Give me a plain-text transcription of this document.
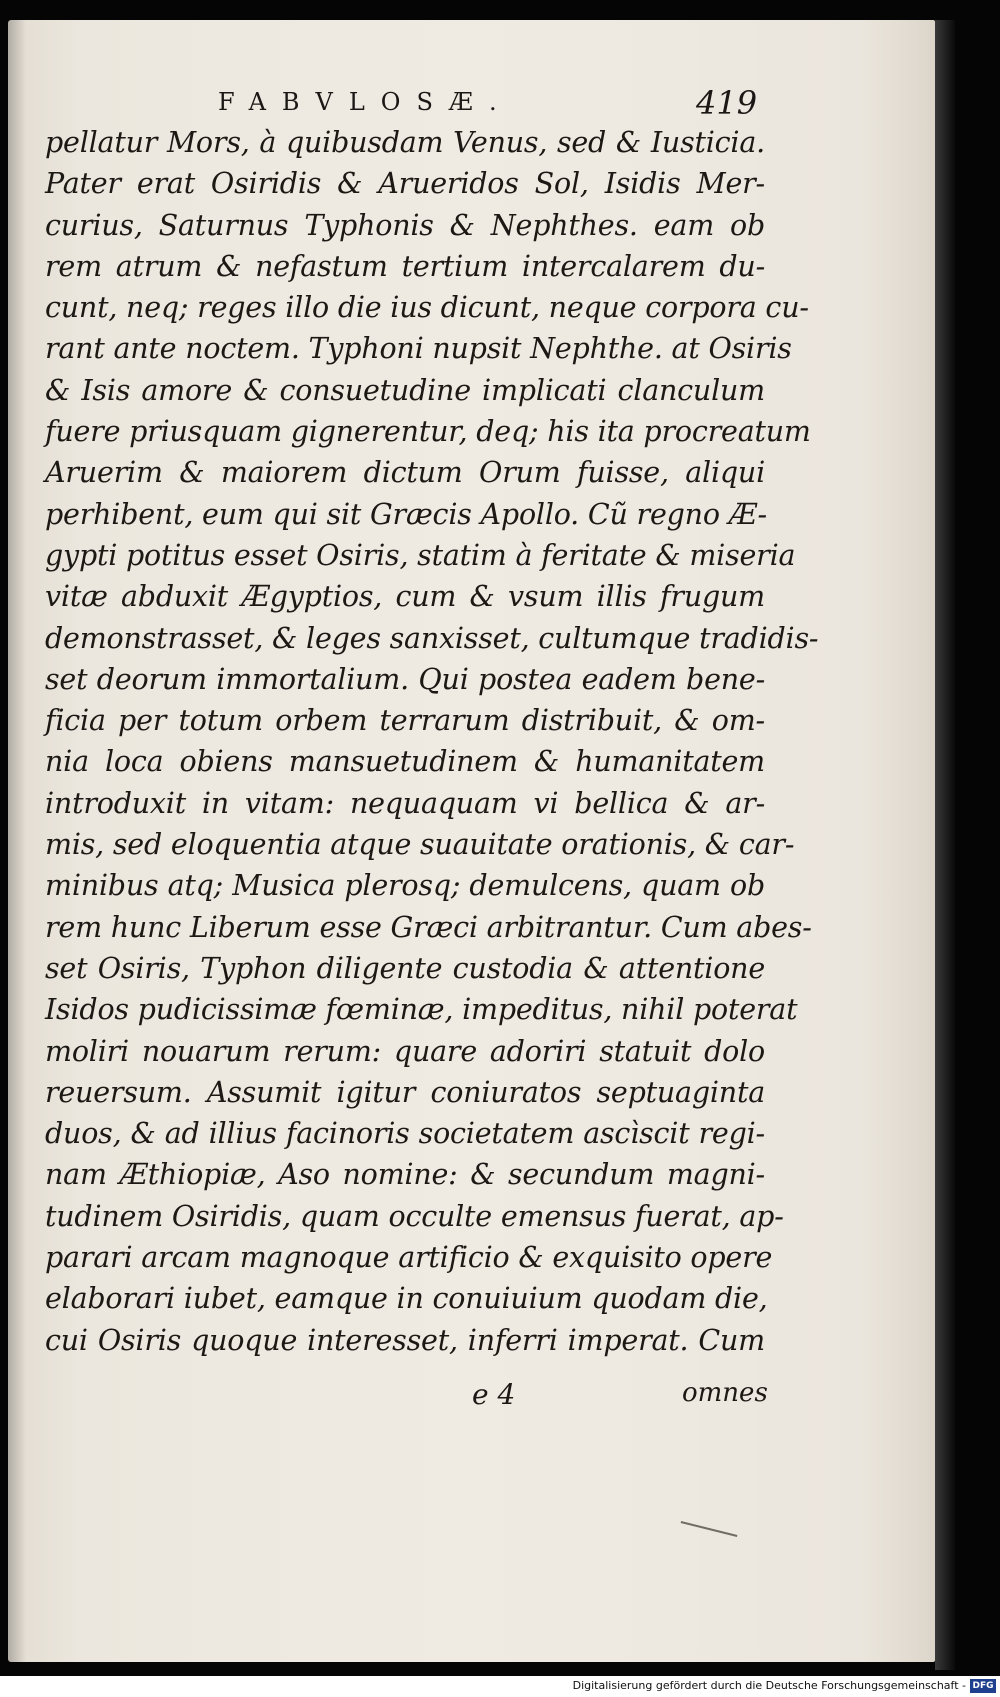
FABVLOSÆ.	419
pellatur Mors, à quibusdam Venus, sed & Iusticia.
Pater erat Osiridis & Arueridos Sol, Isidis Mer-
curius, Saturnus Typhonis & Nephthes. eam ob
rem atrum & nefastum tertium intercalarem du-
cunt, neq; reges illo die ius dicunt, neque corpora cu-
rant ante noctem. Typhoni nupsit Nephthe. at Osiris
& Isis amore & consuetudine implicati clanculum
fuere priusquam gignerentur, deq; his ita procreatum
Aruerim & maiorem dictum Orum fuisse, aliqui
perhibent, eum qui sit Græcis Apollo. Cũ regno Æ-
gypti potitus esset Osiris, statim à feritate & miseria
vitæ abduxit Ægyptios, cum & vsum illis frugum
demonstrasset, & leges sanxisset, cultumque tradidis-
set deorum immortalium. Qui postea eadem bene-
ficia per totum orbem terrarum distribuit, & om-
nia loca obiens mansuetudinem & humanitatem
introduxit in vitam: nequaquam vi bellica & ar-
mis, sed eloquentia atque suauitate orationis, & car-
minibus atq; Musica plerosq; demulcens, quam ob
rem hunc Liberum esse Græci arbitrantur. Cum abes-
set Osiris, Typhon diligente custodia & attentione
Isidos pudicissimæ fœminæ, impeditus, nihil poterat
moliri nouarum rerum: quare adoriri statuit dolo
reuersum. Assumit igitur coniuratos septuaginta
duos, & ad illius facinoris societatem ascìscit regi-
nam Æthiopiæ, Aso nomine: & secundum magni-
tudinem Osiridis, quam occulte emensus fuerat, ap-
parari arcam magnoque artificio & exquisito opere
elaborari iubet, eamque in conuiuium quodam die,
cui Osiris quoque interesset, inferri imperat. Cum
e 4	omnes
Digitalisierung gefördert durch die Deutsche Forschungsgemeinschaft - DFG
